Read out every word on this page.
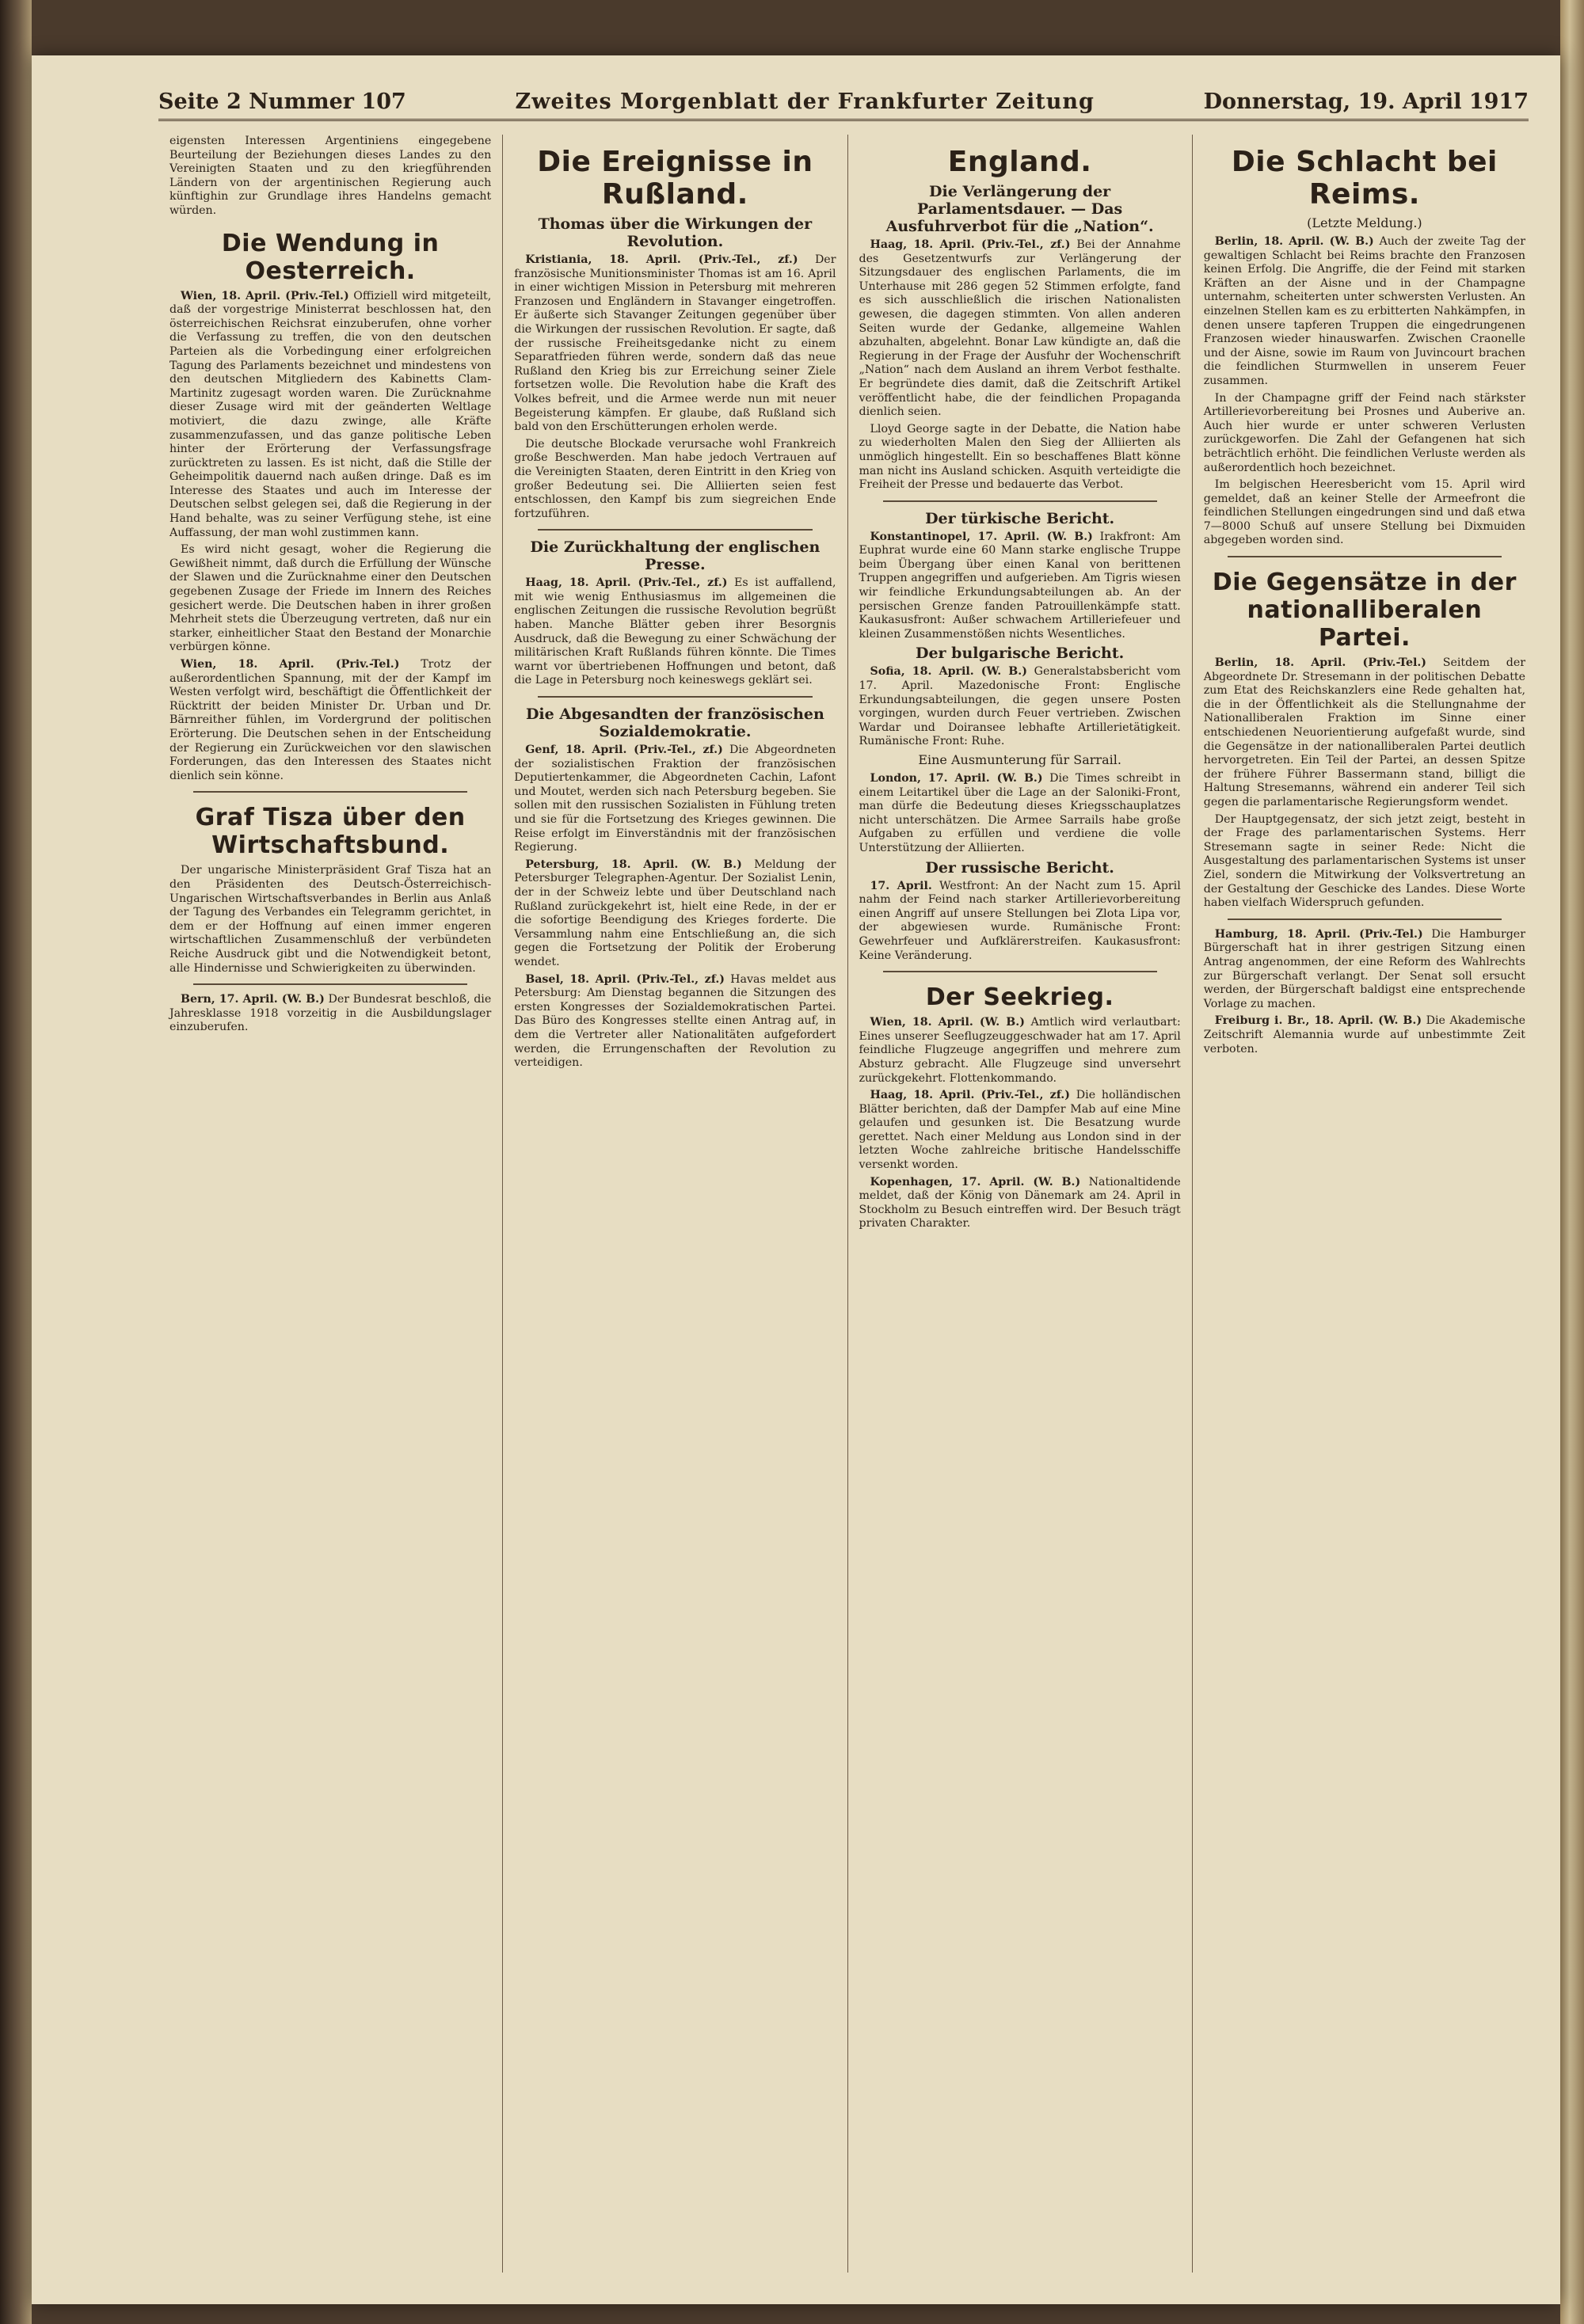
Seite 2 Nummer 107	Zweites Morgenblatt der Frankfurter Zeitung	Donnerstag, 19. April 1917

eigensten Interessen Argentiniens eingegebene Beurteilung der Beziehungen dieses Landes zu den Vereinigten Staaten und zu den kriegführenden Ländern von der argentinischen Regierung auch künftighin zur Grundlage ihres Handelns gemacht würden.

Die Wendung in Oesterreich.

Wien, 18. April. (Priv.-Tel.) Offiziell wird mitgeteilt, daß der vorgestrige Ministerrat beschlossen hat, den österreichischen Reichsrat einzuberufen, ohne vorher die Verfassung zu treffen, die von den deutschen Parteien als die Vorbedingung einer erfolgreichen Tagung des Parlaments bezeichnet und mindestens von den deutschen Mitgliedern des Kabinetts Clam-Martinitz zugesagt worden waren. Die Zurücknahme dieser Zusage wird mit der geänderten Weltlage motiviert, die dazu zwinge, alle Kräfte zusammenzufassen, und das ganze politische Leben hinter der Erörterung der Verfassungsfrage zurücktreten zu lassen. Es ist nicht, daß die Stille der Geheimpolitik dauernd nach außen dringe. Daß es im Interesse des Staates und auch im Interesse der Deutschen selbst gelegen sei, daß die Regierung in der Hand behalte, was zu seiner Verfügung stehe, ist eine Auffassung, der man wohl zustimmen kann.

Es wird nicht gesagt, woher die Regierung die Gewißheit nimmt, daß durch die Erfüllung der Wünsche der Slawen und die Zurücknahme einer den Deutschen gegebenen Zusage der Friede im Innern des Reiches gesichert werde. Die Deutschen haben in ihrer großen Mehrheit stets die Überzeugung vertreten, daß nur ein starker, einheitlicher Staat den Bestand der Monarchie verbürgen könne.

Wien, 18. April. (Priv.-Tel.) Trotz der außerordentlichen Spannung, mit der der Kampf im Westen verfolgt wird, beschäftigt die Öffentlichkeit der Rücktritt der beiden Minister Dr. Urban und Dr. Bärnreither fühlen, im Vordergrund der politischen Erörterung. Die Deutschen sehen in der Entscheidung der Regierung ein Zurückweichen vor den slawischen Forderungen, das den Interessen des Staates nicht dienlich sein könne.

Graf Tisza über den Wirtschaftsbund.

Der ungarische Ministerpräsident Graf Tisza hat an den Präsidenten des Deutsch-Österreichisch-Ungarischen Wirtschaftsverbandes in Berlin aus Anlaß der Tagung des Verbandes ein Telegramm gerichtet, in dem er der Hoffnung auf einen immer engeren wirtschaftlichen Zusammenschluß der verbündeten Reiche Ausdruck gibt und die Notwendigkeit betont, alle Hindernisse und Schwierigkeiten zu überwinden.

Bern, 17. April. (W. B.) Der Bundesrat beschloß, die Jahresklasse 1918 vorzeitig in die Ausbildungslager einzuberufen.

Die Ereignisse in Rußland.
Thomas über die Wirkungen der Revolution.

Kristiania, 18. April. (Priv.-Tel., zf.) Der französische Munitionsminister Thomas ist am 16. April in einer wichtigen Mission in Petersburg mit mehreren Franzosen und Engländern in Stavanger eingetroffen. Er äußerte sich Stavanger Zeitungen gegenüber über die Wirkungen der russischen Revolution. Er sagte, daß der russische Freiheitsgedanke nicht zu einem Separatfrieden führen werde, sondern daß das neue Rußland den Krieg bis zur Erreichung seiner Ziele fortsetzen wolle. Die Revolution habe die Kraft des Volkes befreit, und die Armee werde nun mit neuer Begeisterung kämpfen. Er glaube, daß Rußland sich bald von den Erschütterungen erholen werde.

Die deutsche Blockade verursache wohl Frankreich große Beschwerden. Man habe jedoch Vertrauen auf die Vereinigten Staaten, deren Eintritt in den Krieg von großer Bedeutung sei. Die Alliierten seien fest entschlossen, den Kampf bis zum siegreichen Ende fortzuführen.

Die Zurückhaltung der englischen Presse.

Haag, 18. April. (Priv.-Tel., zf.) Es ist auffallend, mit wie wenig Enthusiasmus im allgemeinen die englischen Zeitungen die russische Revolution begrüßt haben. Manche Blätter geben ihrer Besorgnis Ausdruck, daß die Bewegung zu einer Schwächung der militärischen Kraft Rußlands führen könnte. Die Times warnt vor übertriebenen Hoffnungen und betont, daß die Lage in Petersburg noch keineswegs geklärt sei.

Die Abgesandten der französischen Sozialdemokratie.

Genf, 18. April. (Priv.-Tel., zf.) Die Abgeordneten der sozialistischen Fraktion der französischen Deputiertenkammer, die Abgeordneten Cachin, Lafont und Moutet, werden sich nach Petersburg begeben. Sie sollen mit den russischen Sozialisten in Fühlung treten und sie für die Fortsetzung des Krieges gewinnen. Die Reise erfolgt im Einverständnis mit der französischen Regierung.

Petersburg, 18. April. (W. B.) Meldung der Petersburger Telegraphen-Agentur. Der Sozialist Lenin, der in der Schweiz lebte und über Deutschland nach Rußland zurückgekehrt ist, hielt eine Rede, in der er die sofortige Beendigung des Krieges forderte. Die Versammlung nahm eine Entschließung an, die sich gegen die Fortsetzung der Politik der Eroberung wendet.

Basel, 18. April. (Priv.-Tel., zf.) Havas meldet aus Petersburg: Am Dienstag begannen die Sitzungen des ersten Kongresses der Sozialdemokratischen Partei. Das Büro des Kongresses stellte einen Antrag auf, in dem die Vertreter aller Nationalitäten aufgefordert werden, die Errungenschaften der Revolution zu verteidigen.

England.
Die Verlängerung der Parlamentsdauer. — Das Ausfuhrverbot für die „Nation“.

Haag, 18. April. (Priv.-Tel., zf.) Bei der Annahme des Gesetzentwurfs zur Verlängerung der Sitzungsdauer des englischen Parlaments, die im Unterhause mit 286 gegen 52 Stimmen erfolgte, fand es sich ausschließlich die irischen Nationalisten gewesen, die dagegen stimmten. Von allen anderen Seiten wurde der Gedanke, allgemeine Wahlen abzuhalten, abgelehnt. Bonar Law kündigte an, daß die Regierung in der Frage der Ausfuhr der Wochenschrift „Nation“ nach dem Ausland an ihrem Verbot festhalte. Er begründete dies damit, daß die Zeitschrift Artikel veröffentlicht habe, die der feindlichen Propaganda dienlich seien.

Lloyd George sagte in der Debatte, die Nation habe zu wiederholten Malen den Sieg der Alliierten als unmöglich hingestellt. Ein so beschaffenes Blatt könne man nicht ins Ausland schicken. Asquith verteidigte die Freiheit der Presse und bedauerte das Verbot.

Der türkische Bericht.

Konstantinopel, 17. April. (W. B.) Irakfront: Am Euphrat wurde eine 60 Mann starke englische Truppe beim Übergang über einen Kanal von berittenen Truppen angegriffen und aufgerieben. Am Tigris wiesen wir feindliche Erkundungsabteilungen ab. An der persischen Grenze fanden Patrouillenkämpfe statt. Kaukasusfront: Außer schwachem Artilleriefeuer und kleinen Zusammenstößen nichts Wesentliches.

Der bulgarische Bericht.

Sofia, 18. April. (W. B.) Generalstabsbericht vom 17. April. Mazedonische Front: Englische Erkundungsabteilungen, die gegen unsere Posten vorgingen, wurden durch Feuer vertrieben. Zwischen Wardar und Doiransee lebhafte Artillerietätigkeit. Rumänische Front: Ruhe.

Eine Ausmunterung für Sarrail.

London, 17. April. (W. B.) Die Times schreibt in einem Leitartikel über die Lage an der Saloniki-Front, man dürfe die Bedeutung dieses Kriegsschauplatzes nicht unterschätzen. Die Armee Sarrails habe große Aufgaben zu erfüllen und verdiene die volle Unterstützung der Alliierten.

Der russische Bericht.

17. April. Westfront: An der Nacht zum 15. April nahm der Feind nach starker Artillerievorbereitung einen Angriff auf unsere Stellungen bei Zlota Lipa vor, der abgewiesen wurde. Rumänische Front: Gewehrfeuer und Aufklärerstreifen. Kaukasusfront: Keine Veränderung.

Der Seekrieg.

Wien, 18. April. (W. B.) Amtlich wird verlautbart: Eines unserer Seeflugzeuggeschwader hat am 17. April feindliche Flugzeuge angegriffen und mehrere zum Absturz gebracht. Alle Flugzeuge sind unversehrt zurückgekehrt. Flottenkommando.

Haag, 18. April. (Priv.-Tel., zf.) Die holländischen Blätter berichten, daß der Dampfer Mab auf eine Mine gelaufen und gesunken ist. Die Besatzung wurde gerettet. Nach einer Meldung aus London sind in der letzten Woche zahlreiche britische Handelsschiffe versenkt worden.

Kopenhagen, 17. April. (W. B.) Nationaltidende meldet, daß der König von Dänemark am 24. April in Stockholm zu Besuch eintreffen wird. Der Besuch trägt privaten Charakter.

Die Schlacht bei Reims.
(Letzte Meldung.)

Berlin, 18. April. (W. B.) Auch der zweite Tag der gewaltigen Schlacht bei Reims brachte den Franzosen keinen Erfolg. Die Angriffe, die der Feind mit starken Kräften an der Aisne und in der Champagne unternahm, scheiterten unter schwersten Verlusten. An einzelnen Stellen kam es zu erbitterten Nahkämpfen, in denen unsere tapferen Truppen die eingedrungenen Franzosen wieder hinauswarfen. Zwischen Craonelle und der Aisne, sowie im Raum von Juvincourt brachen die feindlichen Sturmwellen in unserem Feuer zusammen.

In der Champagne griff der Feind nach stärkster Artillerievorbereitung bei Prosnes und Auberive an. Auch hier wurde er unter schweren Verlusten zurückgeworfen. Die Zahl der Gefangenen hat sich beträchtlich erhöht. Die feindlichen Verluste werden als außerordentlich hoch bezeichnet.

Im belgischen Heeresbericht vom 15. April wird gemeldet, daß an keiner Stelle der Armeefront die feindlichen Stellungen eingedrungen sind und daß etwa 7—8000 Schuß auf unsere Stellung bei Dixmuiden abgegeben worden sind.

Die Gegensätze in der nationalliberalen Partei.

Berlin, 18. April. (Priv.-Tel.) Seitdem der Abgeordnete Dr. Stresemann in der politischen Debatte zum Etat des Reichskanzlers eine Rede gehalten hat, die in der Öffentlichkeit als die Stellungnahme der Nationalliberalen Fraktion im Sinne einer entschiedenen Neuorientierung aufgefaßt wurde, sind die Gegensätze in der nationalliberalen Partei deutlich hervorgetreten. Ein Teil der Partei, an dessen Spitze der frühere Führer Bassermann stand, billigt die Haltung Stresemanns, während ein anderer Teil sich gegen die parlamentarische Regierungsform wendet.

Der Hauptgegensatz, der sich jetzt zeigt, besteht in der Frage des parlamentarischen Systems. Herr Stresemann sagte in seiner Rede: Nicht die Ausgestaltung des parlamentarischen Systems ist unser Ziel, sondern die Mitwirkung der Volksvertretung an der Gestaltung der Geschicke des Landes. Diese Worte haben vielfach Widerspruch gefunden.

Hamburg, 18. April. (Priv.-Tel.) Die Hamburger Bürgerschaft hat in ihrer gestrigen Sitzung einen Antrag angenommen, der eine Reform des Wahlrechts zur Bürgerschaft verlangt. Der Senat soll ersucht werden, der Bürgerschaft baldigst eine entsprechende Vorlage zu machen.

Freiburg i. Br., 18. April. (W. B.) Die Akademische Zeitschrift Alemannia wurde auf unbestimmte Zeit verboten.
